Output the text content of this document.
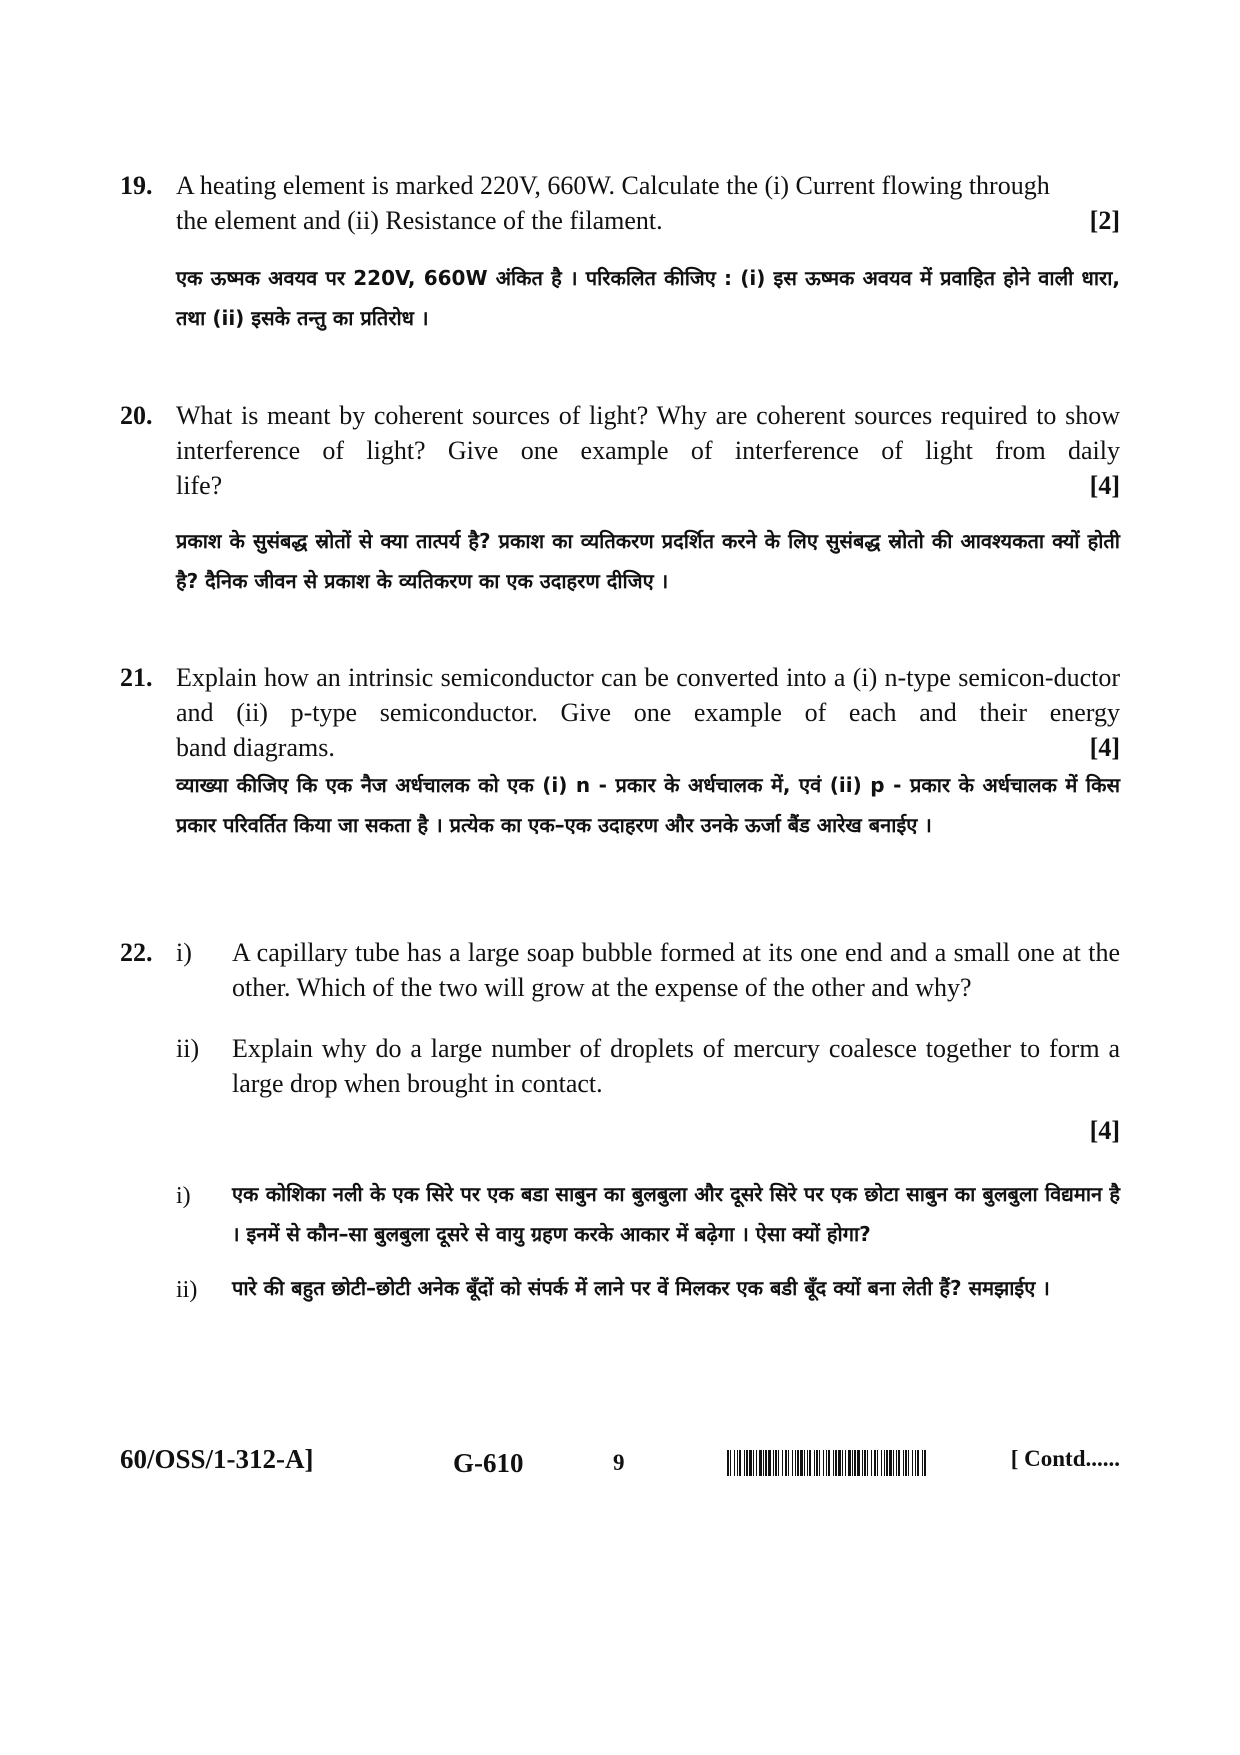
19. A heating element is marked 220V, 660W. Calculate the (i) Current flowing through
the element and (ii) Resistance of the filament.	[2]
एक ऊष्मक अवयव पर 220V, 660W अंकित है । परिकलित कीजिए : (i) इस ऊष्मक अवयव में प्रवाहित होने वाली धारा, तथा (ii) इसके तन्तु का प्रतिरोध ।
20. What is meant by coherent sources of light? Why are coherent sources required to show interference of light? Give one example of interference of light from daily
life?	[4]
प्रकाश के सुसंबद्ध स्रोतों से क्या तात्पर्य है? प्रकाश का व्यतिकरण प्रदर्शित करने के लिए सुसंबद्ध स्रोतो की आवश्यकता क्यों होती है? दैनिक जीवन से प्रकाश के व्यतिकरण का एक उदाहरण दीजिए ।
21. Explain how an intrinsic semiconductor can be converted into a (i) n-type semicon-ductor and (ii) p-type semiconductor. Give one example of each and their energy
band diagrams.	[4]
व्याख्या कीजिए कि एक नैज अर्धचालक को एक (i) n - प्रकार के अर्धचालक में, एवं (ii) p - प्रकार के अर्धचालक में किस प्रकार परिवर्तित किया जा सकता है । प्रत्येक का एक–एक उदाहरण और उनके ऊर्जा बैंड आरेख बनाईए ।
22. i) A capillary tube has a large soap bubble formed at its one end and a small one at the other. Which of the two will grow at the expense of the other and why?
ii) Explain why do a large number of droplets of mercury coalesce together to form a large drop when brought in contact.
[4]
i) एक कोशिका नली के एक सिरे पर एक बडा साबुन का बुलबुला और दूसरे सिरे पर एक छोटा साबुन का बुलबुला विद्यमान है । इनमें से कौन–सा बुलबुला दूसरे से वायु ग्रहण करके आकार में बढ़ेगा । ऐसा क्यों होगा?
ii) पारे की बहुत छोटी–छोटी अनेक बूँदों को संपर्क में लाने पर वें मिलकर एक बडी बूँद क्यों बना लेती हैं? समझाईए ।
60/OSS/1-312-A]	G-610	9	[ Contd......
